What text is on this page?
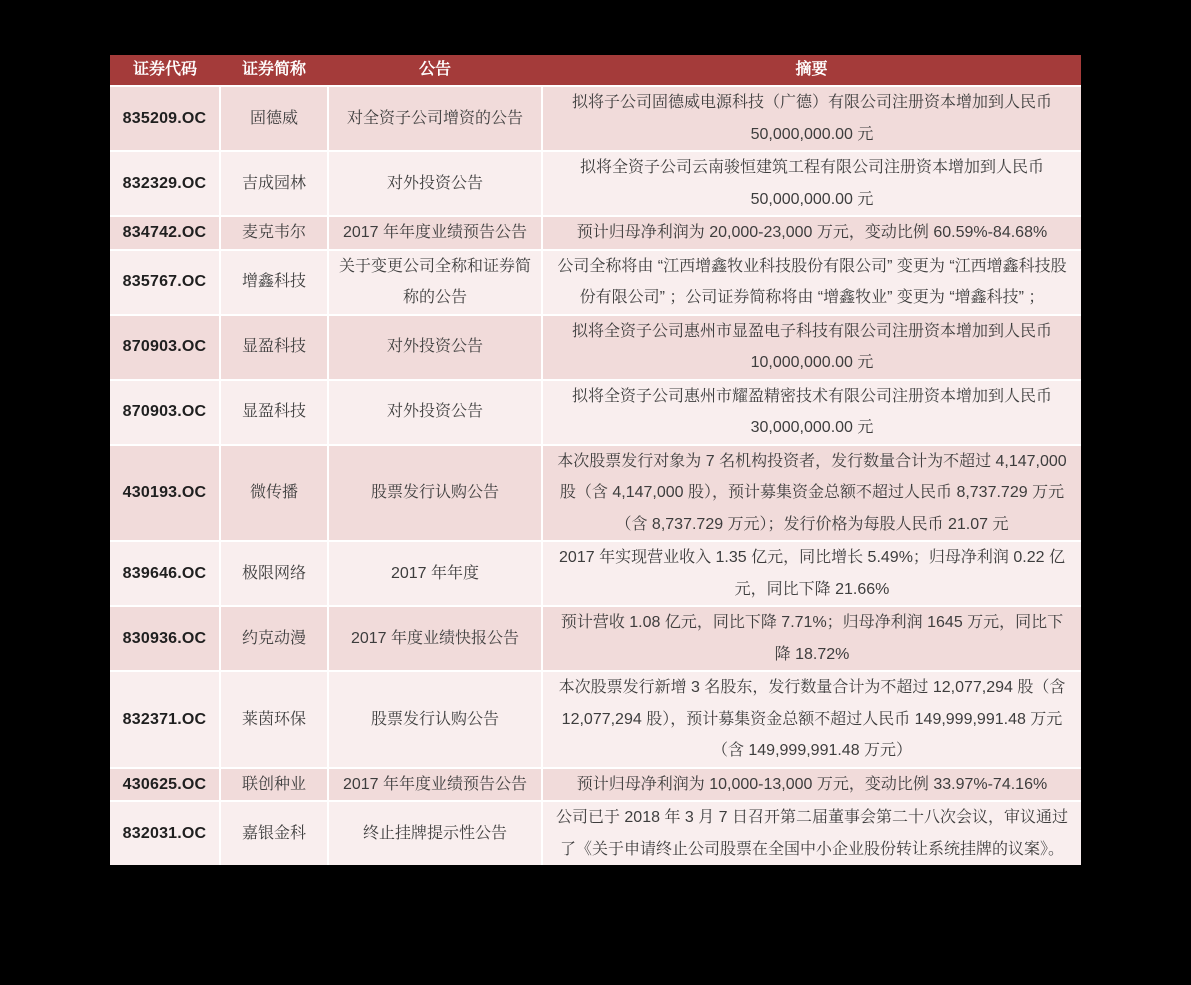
证券代码	证券简称	公告	摘要
835209.OC	固德威	对全资子公司增资的公告	拟将子公司固德威电源科技（广德）有限公司注册资本增加到人民币 50,000,000.00 元
832329.OC	吉成园林	对外投资公告	拟将全资子公司云南骏恒建筑工程有限公司注册资本增加到人民币 50,000,000.00 元
834742.OC	麦克韦尔	2017 年年度业绩预告公告	预计归母净利润为 20,000-23,000 万元，变动比例 60.59%-84.68%
835767.OC	增鑫科技	关于变更公司全称和证券简称的公告	公司全称将由 “江西增鑫牧业科技股份有限公司” 变更为 “江西增鑫科技股份有限公司” ；公司证券简称将由 “增鑫牧业” 变更为 “增鑫科技” ；
870903.OC	显盈科技	对外投资公告	拟将全资子公司惠州市显盈电子科技有限公司注册资本增加到人民币 10,000,000.00 元
870903.OC	显盈科技	对外投资公告	拟将全资子公司惠州市耀盈精密技术有限公司注册资本增加到人民币 30,000,000.00 元
430193.OC	微传播	股票发行认购公告	本次股票发行对象为 7 名机构投资者，发行数量合计为不超过 4,147,000 股（含 4,147,000 股），预计募集资金总额不超过人民币 8,737.729 万元（含 8,737.729 万元）；发行价格为每股人民币 21.07 元
839646.OC	极限网络	2017 年年度	2017 年实现营业收入 1.35 亿元，同比增长 5.49%；归母净利润 0.22 亿元，同比下降 21.66%
830936.OC	约克动漫	2017 年度业绩快报公告	预计营收 1.08 亿元，同比下降 7.71%；归母净利润 1645 万元，同比下降 18.72%
832371.OC	莱茵环保	股票发行认购公告	本次股票发行新增 3 名股东，发行数量合计为不超过 12,077,294 股（含 12,077,294 股），预计募集资金总额不超过人民币 149,999,991.48 万元（含 149,999,991.48 万元）
430625.OC	联创种业	2017 年年度业绩预告公告	预计归母净利润为 10,000-13,000 万元，变动比例 33.97%-74.16%
832031.OC	嘉银金科	终止挂牌提示性公告	公司已于 2018 年 3 月 7 日召开第二届董事会第二十八次会议，审议通过了《关于申请终止公司股票在全国中小企业股份转让系统挂牌的议案》。
